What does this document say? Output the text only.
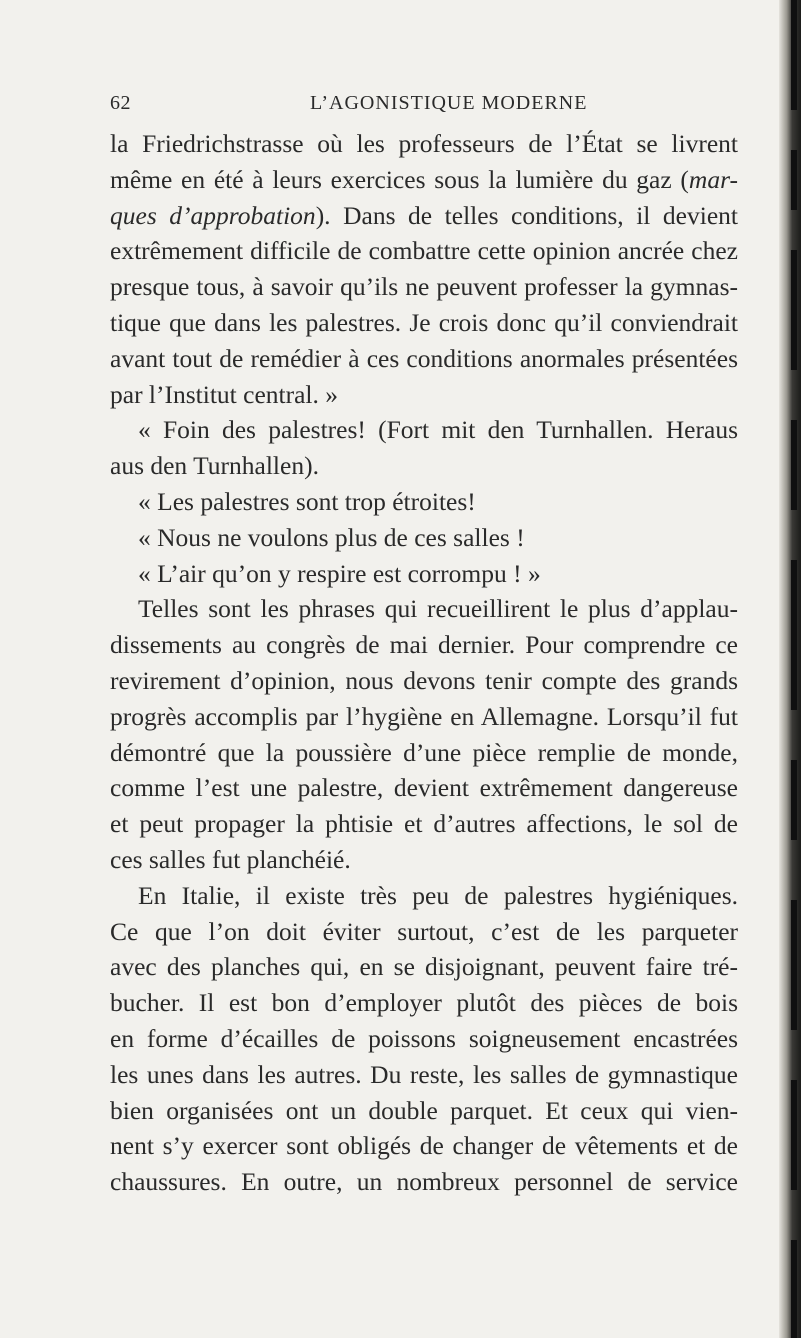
62	L’AGONISTIQUE MODERNE
la Friedrichstrasse où les professeurs de l’État se livrent
même en été à leurs exercices sous la lumière du gaz (mar-
ques d’approbation). Dans de telles conditions, il devient
extrêmement difficile de combattre cette opinion ancrée chez
presque tous, à savoir qu’ils ne peuvent professer la gymnas-
tique que dans les palestres. Je crois donc qu’il conviendrait
avant tout de remédier à ces conditions anormales présentées
par l’Institut central. »
« Foin des palestres! (Fort mit den Turnhallen. Heraus
aus den Turnhallen).
« Les palestres sont trop étroites!
« Nous ne voulons plus de ces salles !
« L’air qu’on y respire est corrompu ! »
Telles sont les phrases qui recueillirent le plus d’applau-
dissements au congrès de mai dernier. Pour comprendre ce
revirement d’opinion, nous devons tenir compte des grands
progrès accomplis par l’hygiène en Allemagne. Lorsqu’il fut
démontré que la poussière d’une pièce remplie de monde,
comme l’est une palestre, devient extrêmement dangereuse
et peut propager la phtisie et d’autres affections, le sol de
ces salles fut planchéié.
En Italie, il existe très peu de palestres hygiéniques.
Ce que l’on doit éviter surtout, c’est de les parqueter
avec des planches qui, en se disjoignant, peuvent faire tré-
bucher. Il est bon d’employer plutôt des pièces de bois
en forme d’écailles de poissons soigneusement encastrées
les unes dans les autres. Du reste, les salles de gymnastique
bien organisées ont un double parquet. Et ceux qui vien-
nent s’y exercer sont obligés de changer de vêtements et de
chaussures. En outre, un nombreux personnel de service
